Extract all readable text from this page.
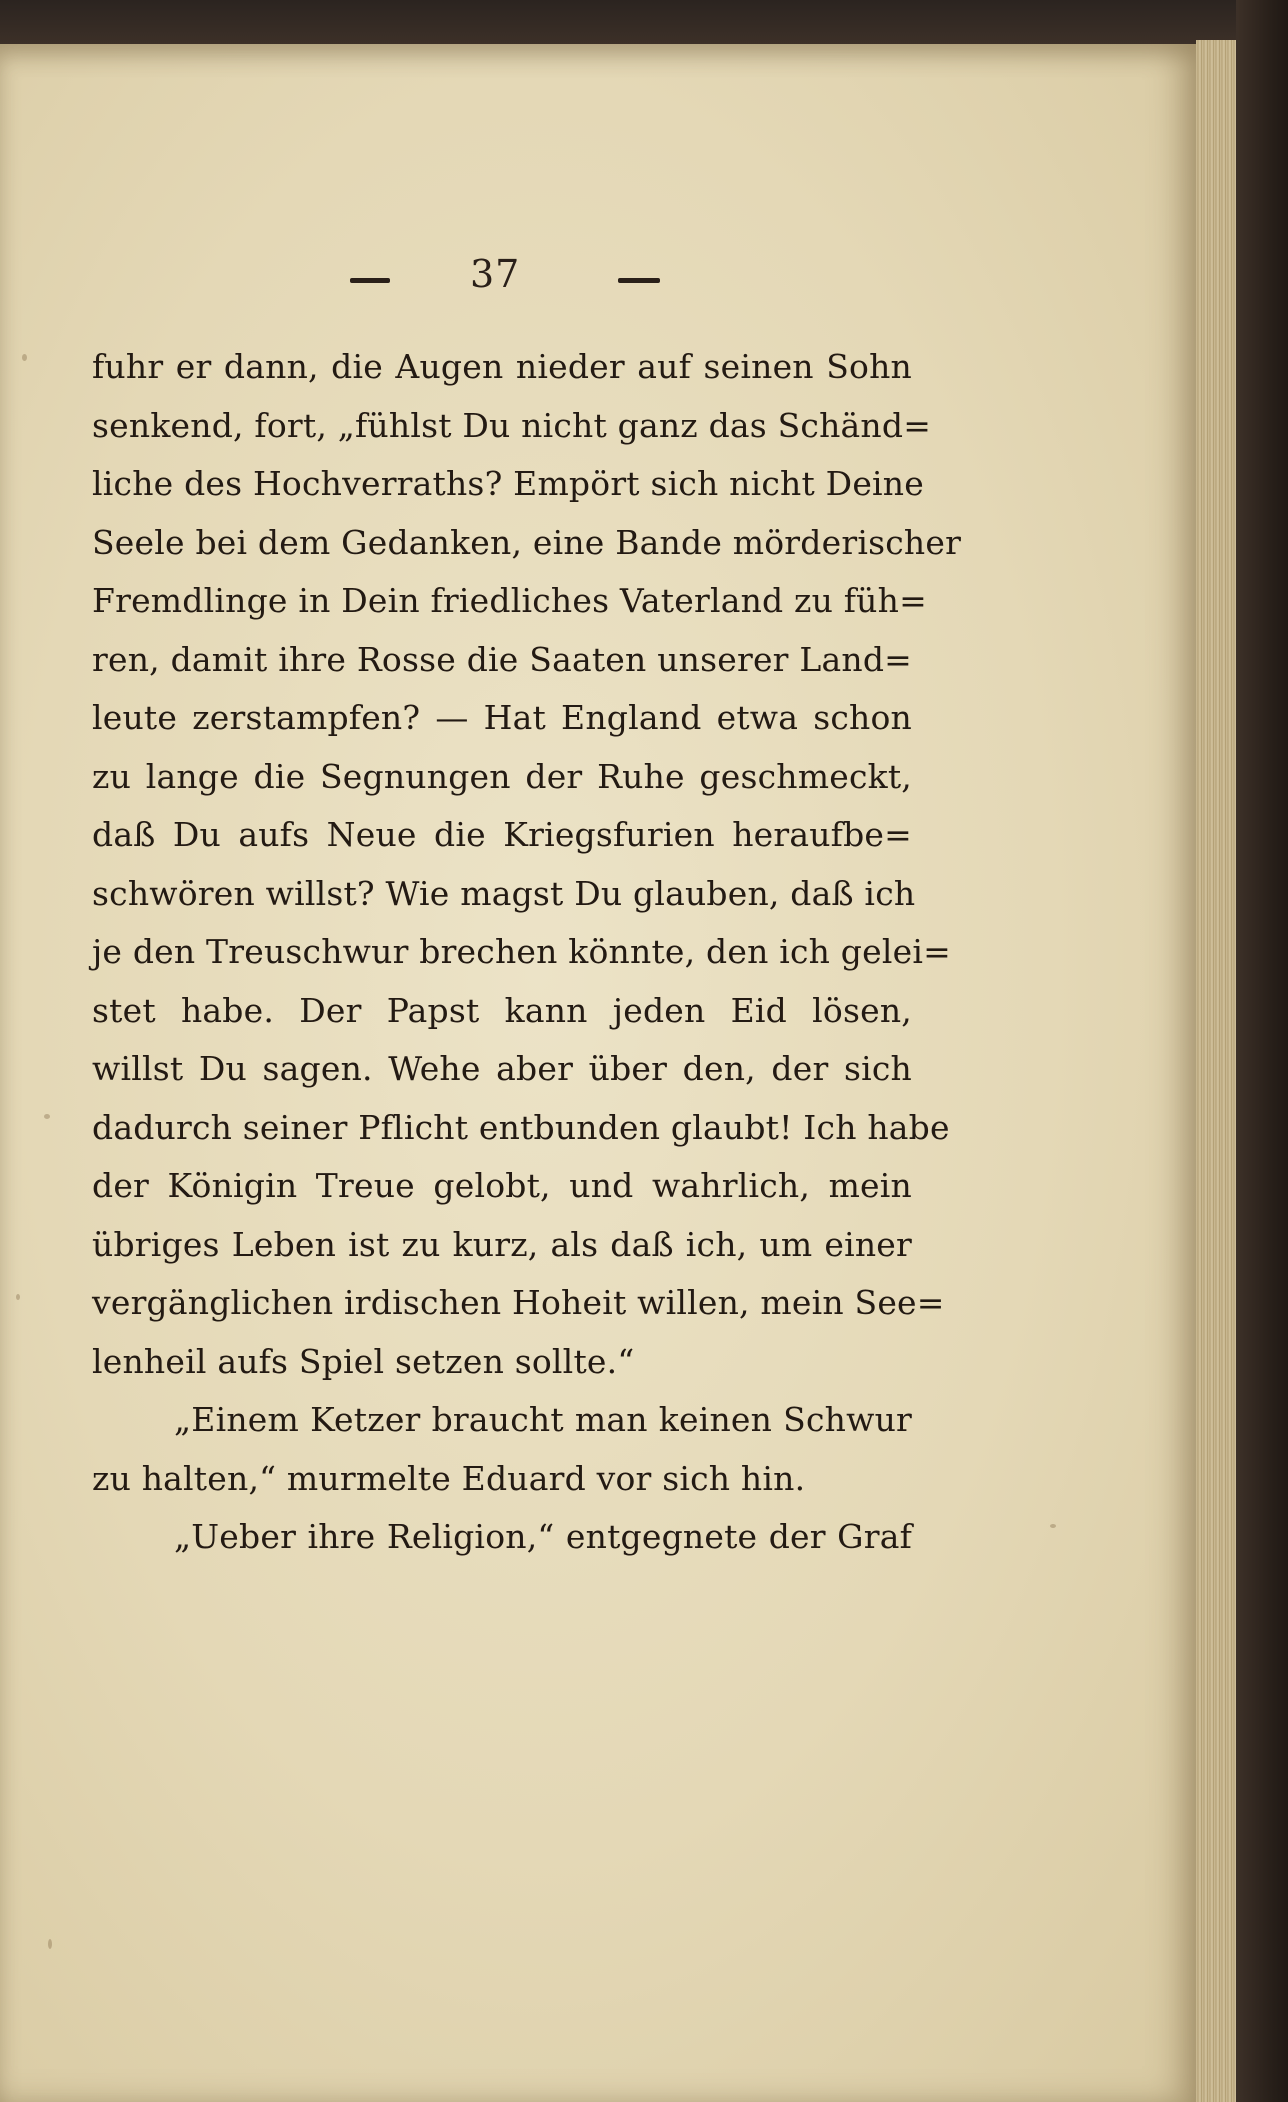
37
fuhr er dann, die Augen nieder auf seinen Sohn
senkend, fort, „fühlst Du nicht ganz das Schänd=
liche des Hochverraths? Empört sich nicht Deine
Seele bei dem Gedanken, eine Bande mörderischer
Fremdlinge in Dein friedliches Vaterland zu füh=
ren, damit ihre Rosse die Saaten unserer Land=
leute zerstampfen? — Hat England etwa schon
zu lange die Segnungen der Ruhe geschmeckt,
daß Du aufs Neue die Kriegsfurien heraufbe=
schwören willst? Wie magst Du glauben, daß ich
je den Treuschwur brechen könnte, den ich gelei=
stet habe. Der Papst kann jeden Eid lösen,
willst Du sagen. Wehe aber über den, der sich
dadurch seiner Pflicht entbunden glaubt! Ich habe
der Königin Treue gelobt, und wahrlich, mein
übriges Leben ist zu kurz, als daß ich, um einer
vergänglichen irdischen Hoheit willen, mein See=
lenheil aufs Spiel setzen sollte.“
„Einem Ketzer braucht man keinen Schwur
zu halten,“ murmelte Eduard vor sich hin.
„Ueber ihre Religion,“ entgegnete der Graf
